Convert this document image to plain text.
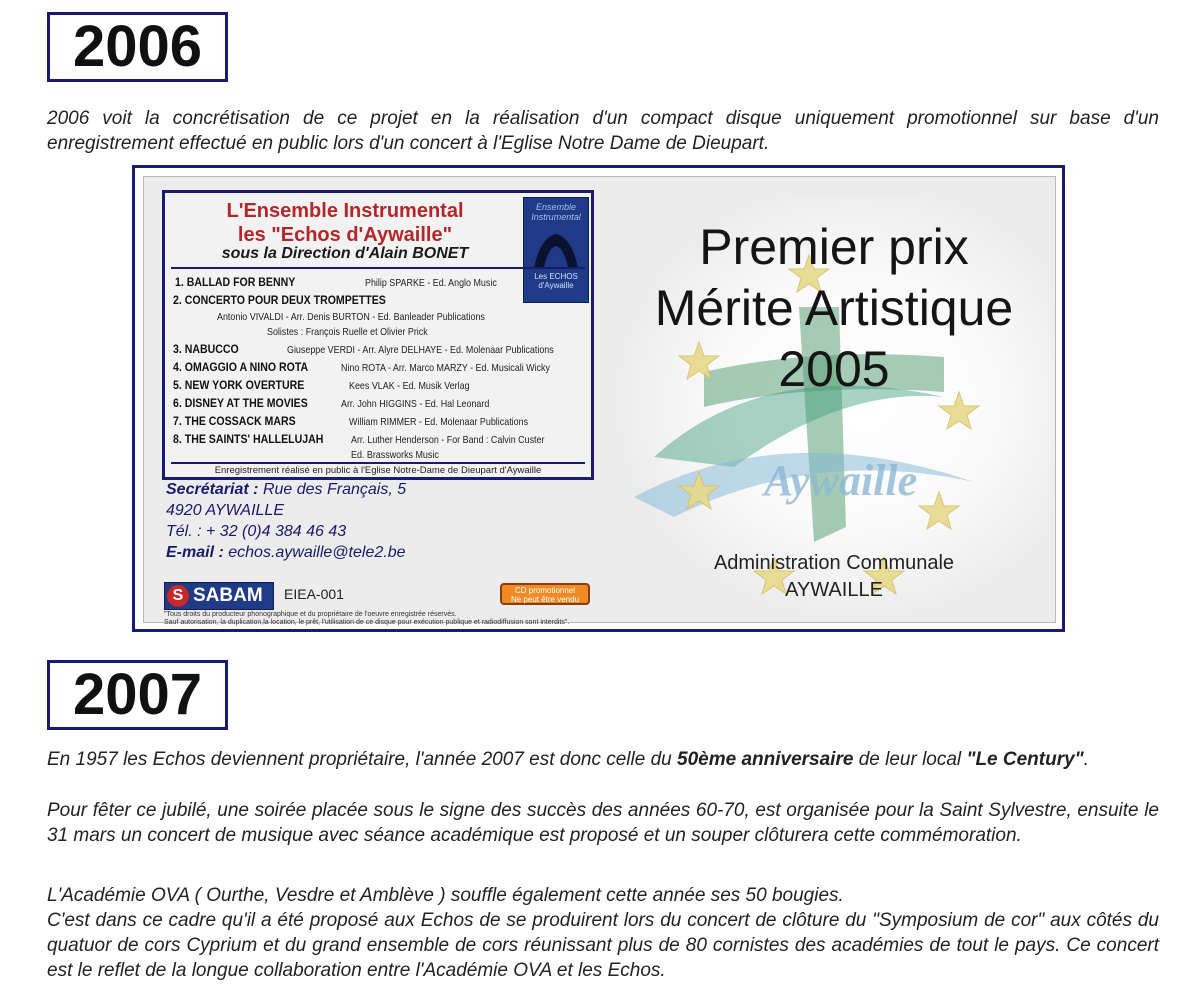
2006
2006 voit la concrétisation de ce projet en la réalisation d'un compact disque uniquement promotionnel sur base d'un enregistrement effectué en public lors d'un concert à l'Eglise Notre Dame de Dieupart.
Aywaille
L'Ensemble Instrumental
les "Echos d'Aywaille"
sous la Direction d'Alain BONET
Ensemble Instrumental
Les ECHOS d'Aywaille
1. BALLAD FOR BENNY	Philip SPARKE - Ed. Anglo Music
2. CONCERTO POUR DEUX TROMPETTES
Antonio VIVALDI - Arr. Denis BURTON - Ed. Banleader Publications
Solistes : François Ruelle et Olivier Prick
3. NABUCCO	Giuseppe VERDI - Arr. Alyre DELHAYE - Ed. Molenaar Publications
4. OMAGGIO A NINO ROTA	Nino ROTA - Arr. Marco MARZY - Ed. Musicali Wicky
5. NEW YORK OVERTURE	Kees VLAK - Ed. Musik Verlag
6. DISNEY AT THE MOVIES	Arr. John HIGGINS - Ed. Hal Leonard
7. THE COSSACK MARS	William RIMMER - Ed. Molenaar Publications
8. THE SAINTS' HALLELUJAH	Arr. Luther Henderson - For Band : Calvin Custer
Ed. Brassworks Music
Enregistrement réalisé en public à l'Eglise Notre-Dame de Dieupart d'Aywaille
Secrétariat : Rue des Français, 5
4920 AYWAILLE
Tél. : + 32 (0)4 384 46 43
E-mail : echos.aywaille@tele2.be
S SABAM EIEA-001	CD promotionnel
Ne peut être vendu
"Tous droits du producteur phonographique et du propriétaire de l'oeuvre enregistrée réservés.
Sauf autorisation, la duplication,la location, le prêt, l'utilisation de ce disque pour exécution publique et radiodiffusion sont interdits".
Premier prix
Mérite Artistique
2005
Administration Communale
AYWAILLE
2007
En 1957 les Echos deviennent propriétaire, l'année 2007 est donc celle du 50ème anniversaire de leur local "Le Century".
Pour fêter ce jubilé, une soirée placée sous le signe des succès des années 60-70, est organisée pour la Saint Sylvestre, ensuite le 31 mars un concert de musique avec séance académique est proposé et un souper clôturera cette commémoration.
L'Académie OVA ( Ourthe, Vesdre et Amblève ) souffle également cette année ses 50 bougies.
C'est dans ce cadre qu'il a été proposé aux Echos de se produirent lors du concert de clôture du "Symposium de cor" aux côtés du quatuor de cors Cyprium et du grand ensemble de cors réunissant plus de 80 cornistes des académies de tout le pays. Ce concert est le reflet de la longue collaboration entre l'Académie OVA et les Echos.
